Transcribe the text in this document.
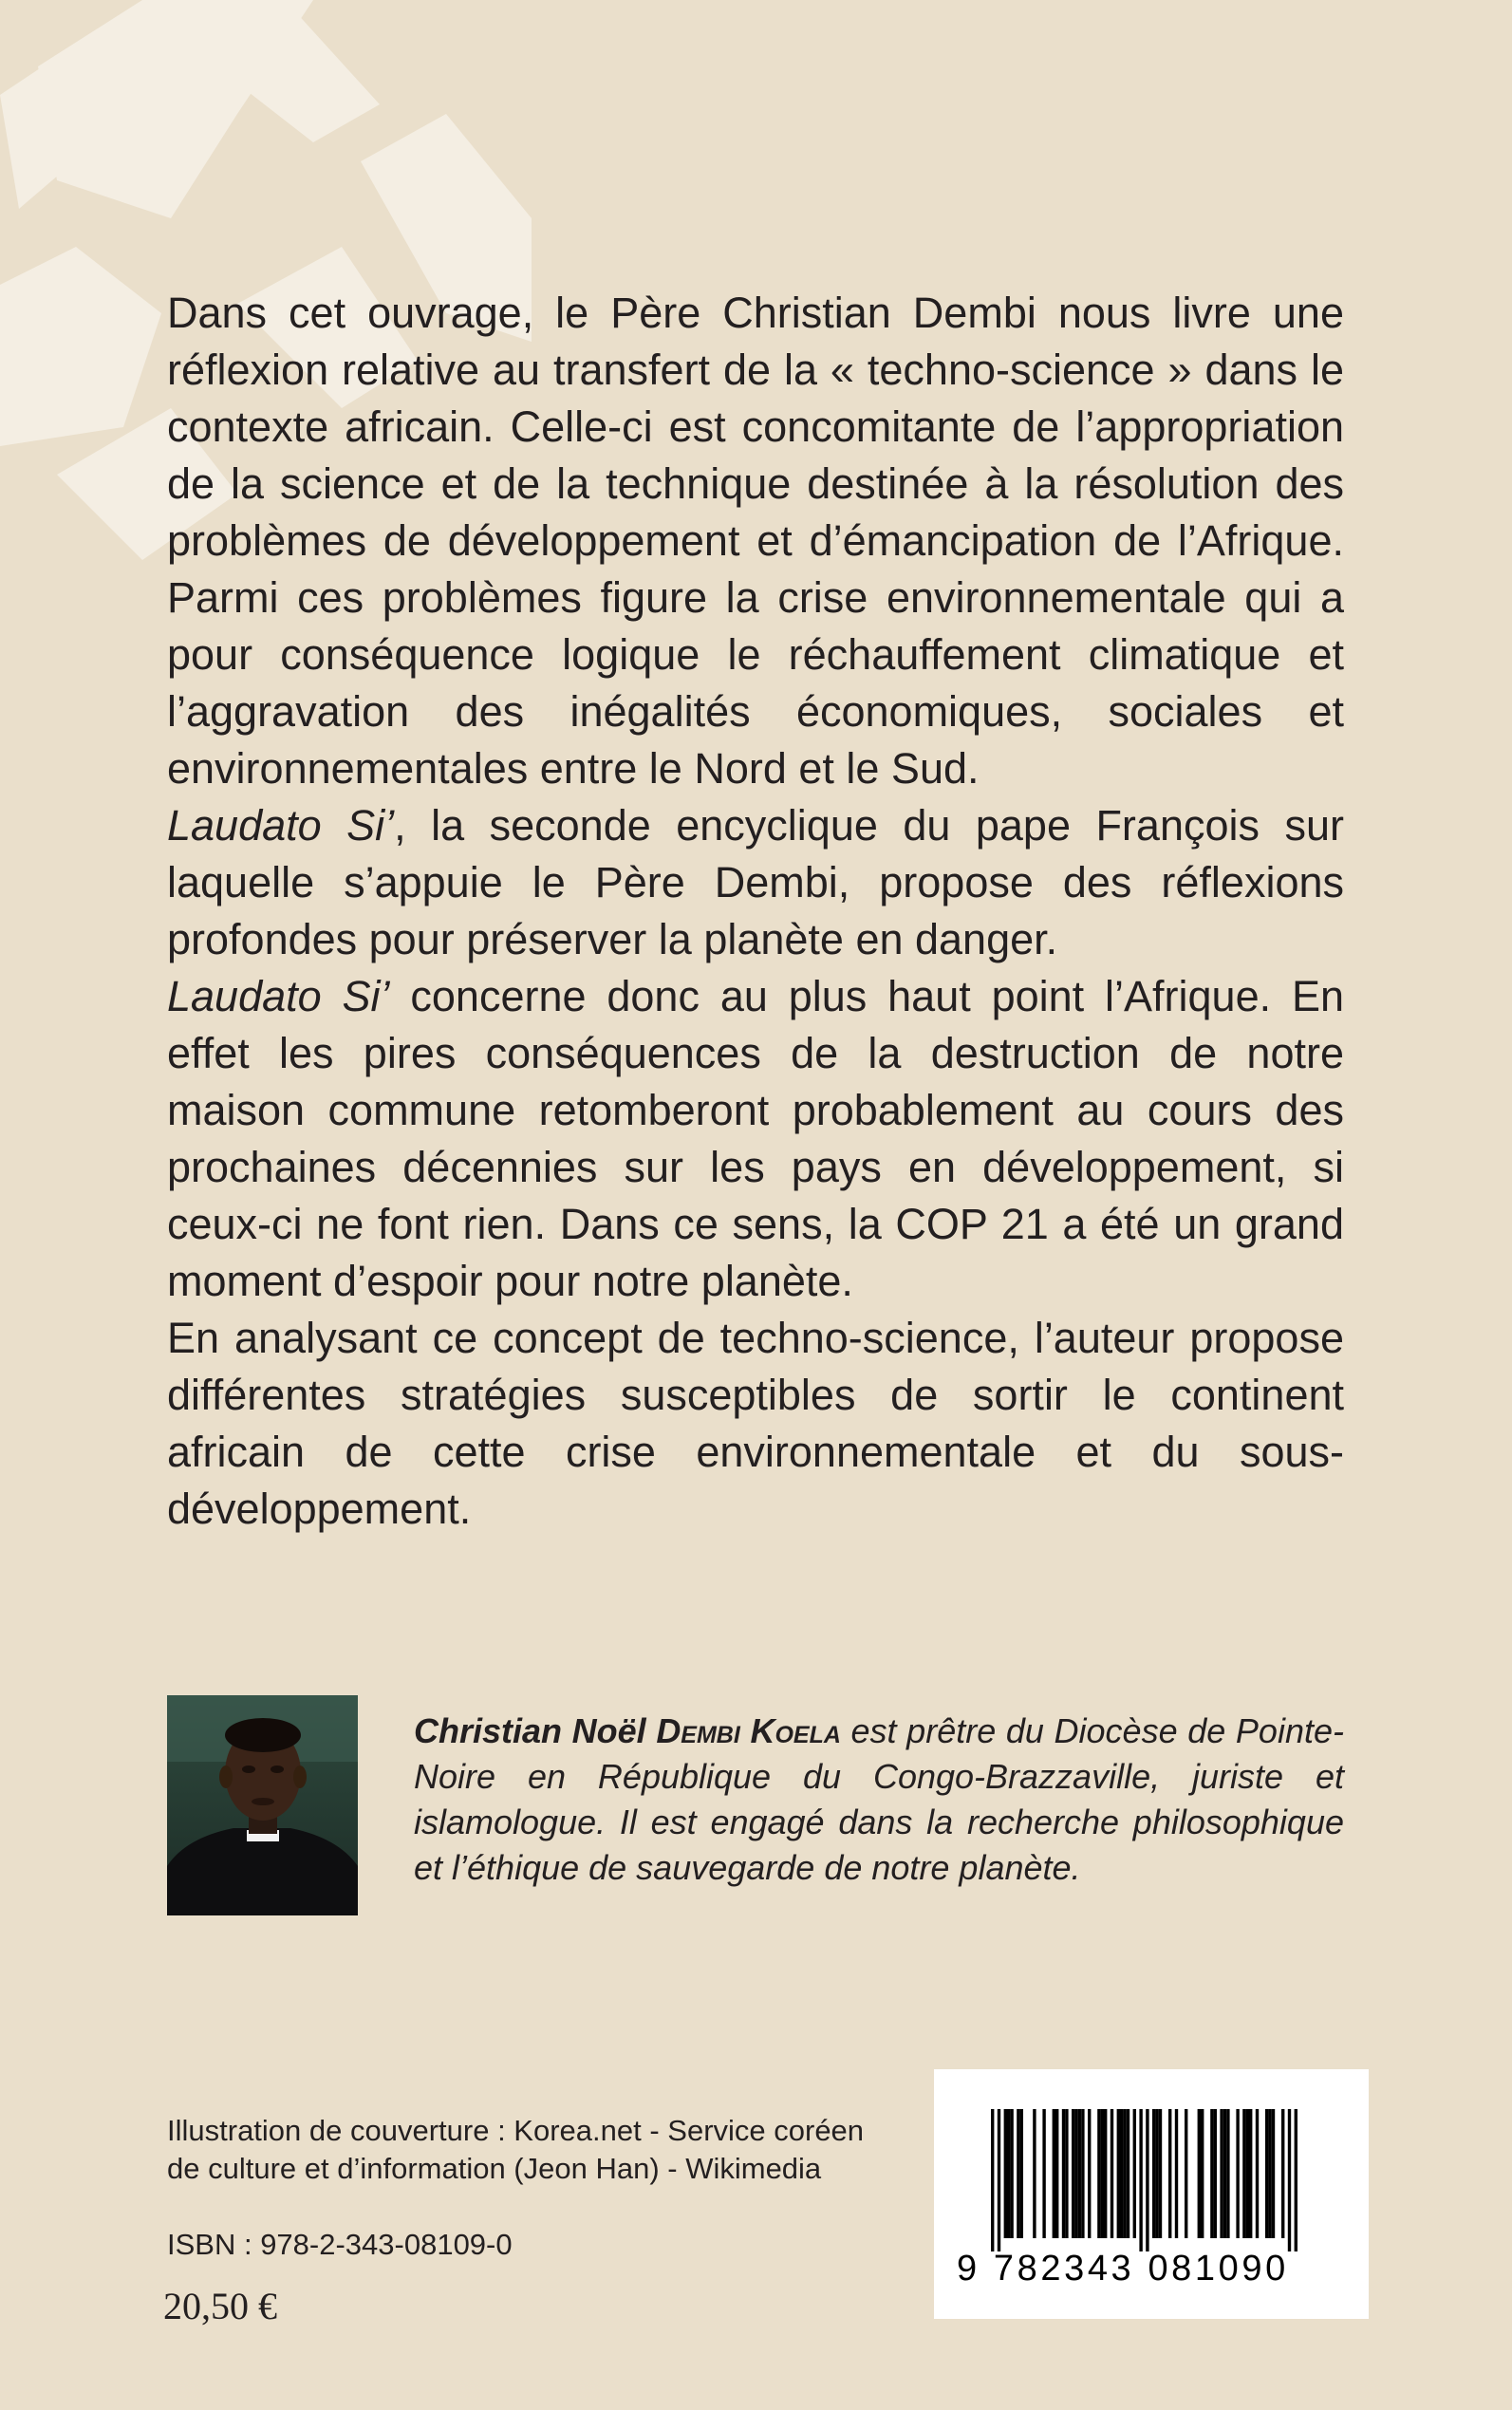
Dans cet ouvrage, le Père Christian Dembi nous livre une réflexion relative au transfert de la « techno-science » dans le contexte africain. Celle-ci est concomitante de l’appropriation de la science et de la technique destinée à la résolution des problèmes de développement et d’émancipation de l’Afrique. Parmi ces problèmes figure la crise environnementale qui a pour conséquence logique le réchauffement climatique et l’aggravation des inégalités économiques, sociales et environnementales entre le Nord et le Sud.

Laudato Si’, la seconde encyclique du pape François sur laquelle s’appuie le Père Dembi, propose des réflexions profondes pour préserver la planète en danger.

Laudato Si’ concerne donc au plus haut point l’Afrique. En effet les pires conséquences de la destruction de notre maison commune retomberont probablement au cours des prochaines décennies sur les pays en développement, si ceux-ci ne font rien. Dans ce sens, la COP 21 a été un grand moment d’espoir pour notre planète.

En analysant ce concept de techno-science, l’auteur propose différentes stratégies susceptibles de sortir le continent africain de cette crise environnementale et du sous-développement.

Christian Noël Dembi Koela est prêtre du Diocèse de Pointe-Noire en République du Congo-Brazzaville, juriste et islamologue. Il est engagé dans la recherche philosophique et l’éthique de sauvegarde de notre planète.

Illustration de couverture : Korea.net - Service coréen
de culture et d’information (Jeon Han) - Wikimedia

ISBN : 978-2-343-08109-0

20,50 €

9 782343 081090
